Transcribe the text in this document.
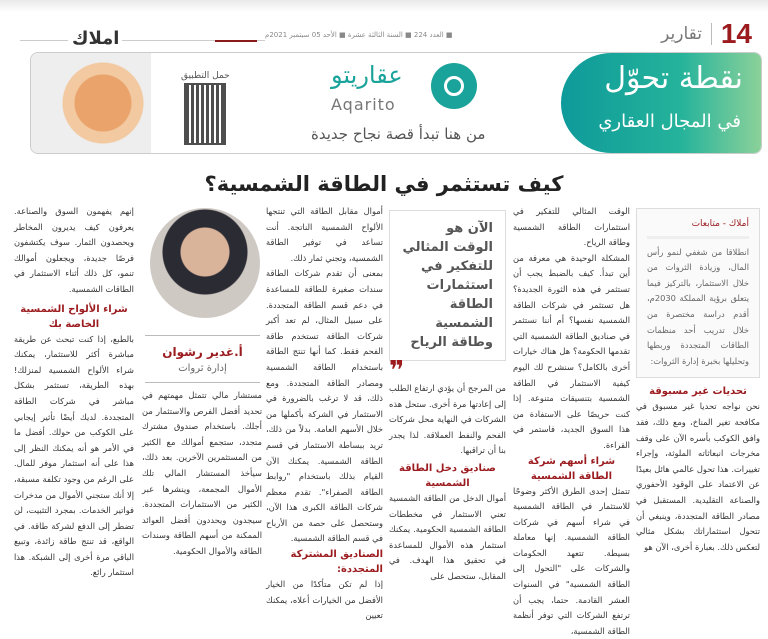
14
تقارير
■ العدد 224 ■ السنة الثالثة عشرة ■ الأحد 05 سبتمبر 2021م
املاك
حمل التطبيق	عقاريتو
Aqarito
من هنا تبدأ قصة نجاح جديدة
نقطة تحوّل
في المجال العقاري
كيف تستثمر في الطاقة الشمسية؟
أملاك - متابعات

انطلاقا من شغفي لنمو رأس المال، وزيادة الثروات من خلال الاستثمار، بالتركيز فيما يتعلق برؤية المملكة 2030م، أقدم دراسة مختصرة من خلال تدريب أحد منظمات الطاقات المتجددة وربطها وتحليلها بخبرة إدارة الثروات:

تحديات غير مسبوقة

نحن نواجه تحديا غير مسبوق في مكافحة تغير المناخ، ومع ذلك، فقد وافق الكوكب بأسره الآن على وقف مخرجات انبعاثاته الملوثة، وإجراء تغييرات. هذا تحول عالمي هائل بعيدًا عن الاعتماد على الوقود الأحفوري والصناعة التقليدية. المستقبل في مصادر الطاقة المتجددة، وينبغي أن تتحول استثماراتك بشكل مثالي لتعكس ذلك. بعبارة أخرى، الآن هو

الوقت المثالي للتفكير في استثمارات الطاقة الشمسية وطاقة الرياح.

المشكلة الوحيدة هي معرفة من أين تبدأ. كيف بالضبط يجب أن تستثمر في هذه الثورة الجديدة؟ هل تستثمر في شركات الطاقة الشمسية نفسها؟ أم أننا نستثمر في صناديق الطاقة الشمسية التي تقدمها الحكومة؟ هل هناك خيارات أخرى بالكامل؟ سنشرح لك اليوم كيفية الاستثمار في الطاقة الشمسية بتنسيقات متنوعة. إذا كنت حريصًا على الاستفادة من هذا السوق الجديد، فاستمر في القراءة.

شراء أسهم شركة الطاقة الشمسية

تتمثل إحدى الطرق الأكثر وضوحًا للاستثمار في الطاقة الشمسية في شراء أسهم في شركات الطاقة الشمسية. إنها معاملة بسيطة. تتعهد الحكومات والشركات على "التحول إلى الطاقة الشمسية" في السنوات العشر القادمة. حتما، يجب أن ترتفع الشركات التي توفر أنظمة الطاقة الشمسية،

الآن هو الوقت المثالي للتفكير في استثمارات الطاقة الشمسية وطاقة الرياح
❞

من المرجح أن يؤدي ارتفاع الطلب إلى إعادتها مرة أخرى. ستحل هذه الشركات في النهاية محل شركات الفحم والنفط العملاقة. لذا يجدر بنا أن تراقبها.

صناديق دخل الطاقة الشمسية

أموال الدخل من الطاقة الشمسية تعني الاستثمار في مخططات الطاقة الشمسية الحكومية. يمكنك استثمار هذه الأموال للمساعدة في تحقيق هذا الهدف. في المقابل، ستحصل على

أموال مقابل الطاقة التي تنتجها الألواح الشمسية الناتجة. أنت تساعد في توفير الطاقة الشمسية، وتجني ثمار ذلك.

بمعنى أن تقدم شركات الطاقة سندات صغيرة للطاقة للمساعدة في دعم قسم الطاقة المتجددة. على سبيل المثال، لم تعد أكبر شركات الطاقة تستخدم طاقة الفحم فقط. كما أنها تنتج الطاقة باستخدام الطاقة الشمسية ومصادر الطاقة المتجددة. ومع ذلك، قد لا ترغب بالضرورة في الاستثمار في الشركة بأكملها من خلال الأسهم العامة. بدلاً من ذلك، تريد ببساطة الاستثمار في قسم الطاقة الشمسية. يمكنك الآن القيام بذلك باستخدام "روابط الطاقة الصفراء". تقدم معظم شركات الطاقة الكبرى هذا الآن، وستحصل على حصة من الأرباح في قسم الطاقة الشمسية.

الصناديق المشتركة المتجددة:

إذا لم تكن متأكدًا من الخيار الأفضل من الخيارات أعلاه، يمكنك تعيين

أ.غدير رشوان
إدارة ثروات

مستشار مالي تتمثل مهمتهم في تحديد أفضل الفرص والاستثمار من أجلك. باستخدام صندوق مشترك متجدد، ستجمع أموالك مع الكثير من المستثمرين الآخرين. بعد ذلك، سيأخذ المستشار المالي تلك الأموال المجمعة، وينشرها عبر الكثير من الاستثمارات المتجددة. سيجدون ويحددون أفضل العوائد الممكنة من أسهم الطاقة وسندات الطاقة والأموال الحكومية.

إنهم يفهمون السوق والصناعة. يعرفون كيف يديرون المخاطر ويحصدون الثمار. سوف يكتشفون فرصًا جديدة، ويجعلون أموالك تنمو، كل ذلك أثناء الاستثمار في الطاقات الشمسية.

شراء الألواح الشمسية الخاصة بك

بالطبع، إذا كنت تبحث عن طريقة مباشرة أكثر للاستثمار، يمكنك شراء الألواح الشمسية لمنزلك! بهذه الطريقة، تستثمر بشكل مباشر في شركات الطاقة المتجددة. لديك أيضًا تأثير إيجابي على الكوكب من حولك. أفضل ما في الأمر هو أنه يمكنك النظر إلى هذا على أنه استثمار موفر للمال. على الرغم من وجود تكلفة مسبقة، إلا أنك ستجني الأموال من مدخرات فواتير الخدمات. بمجرد التثبيت، لن تضطر إلى الدفع لشركة طاقة. في الواقع، قد تنتج طاقة زائدة، وتبيع الباقي مرة أخرى إلى الشبكة. هذا استثمار رائع.
